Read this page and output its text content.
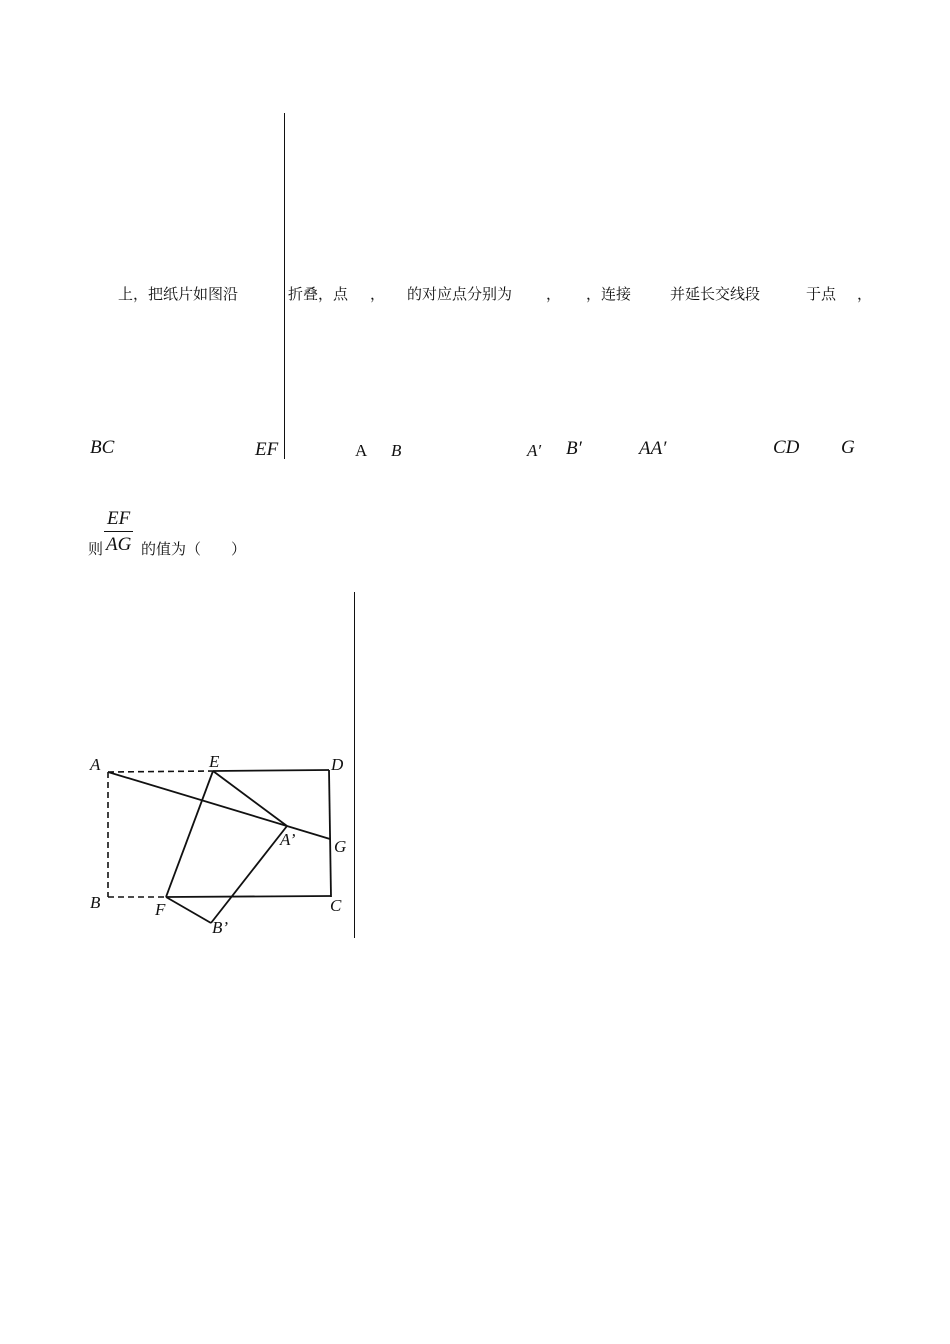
上，把纸片如图沿	折叠，点 ， 的对应点分别为 ， ，连接	并延长交线段	于点 ，
BC	EF	A B	A′ B′	AA′	CD G
则 $\frac{EF}{AG}$ 的值为（　　）
A	E	D
A’ G
B	F	C
B’
